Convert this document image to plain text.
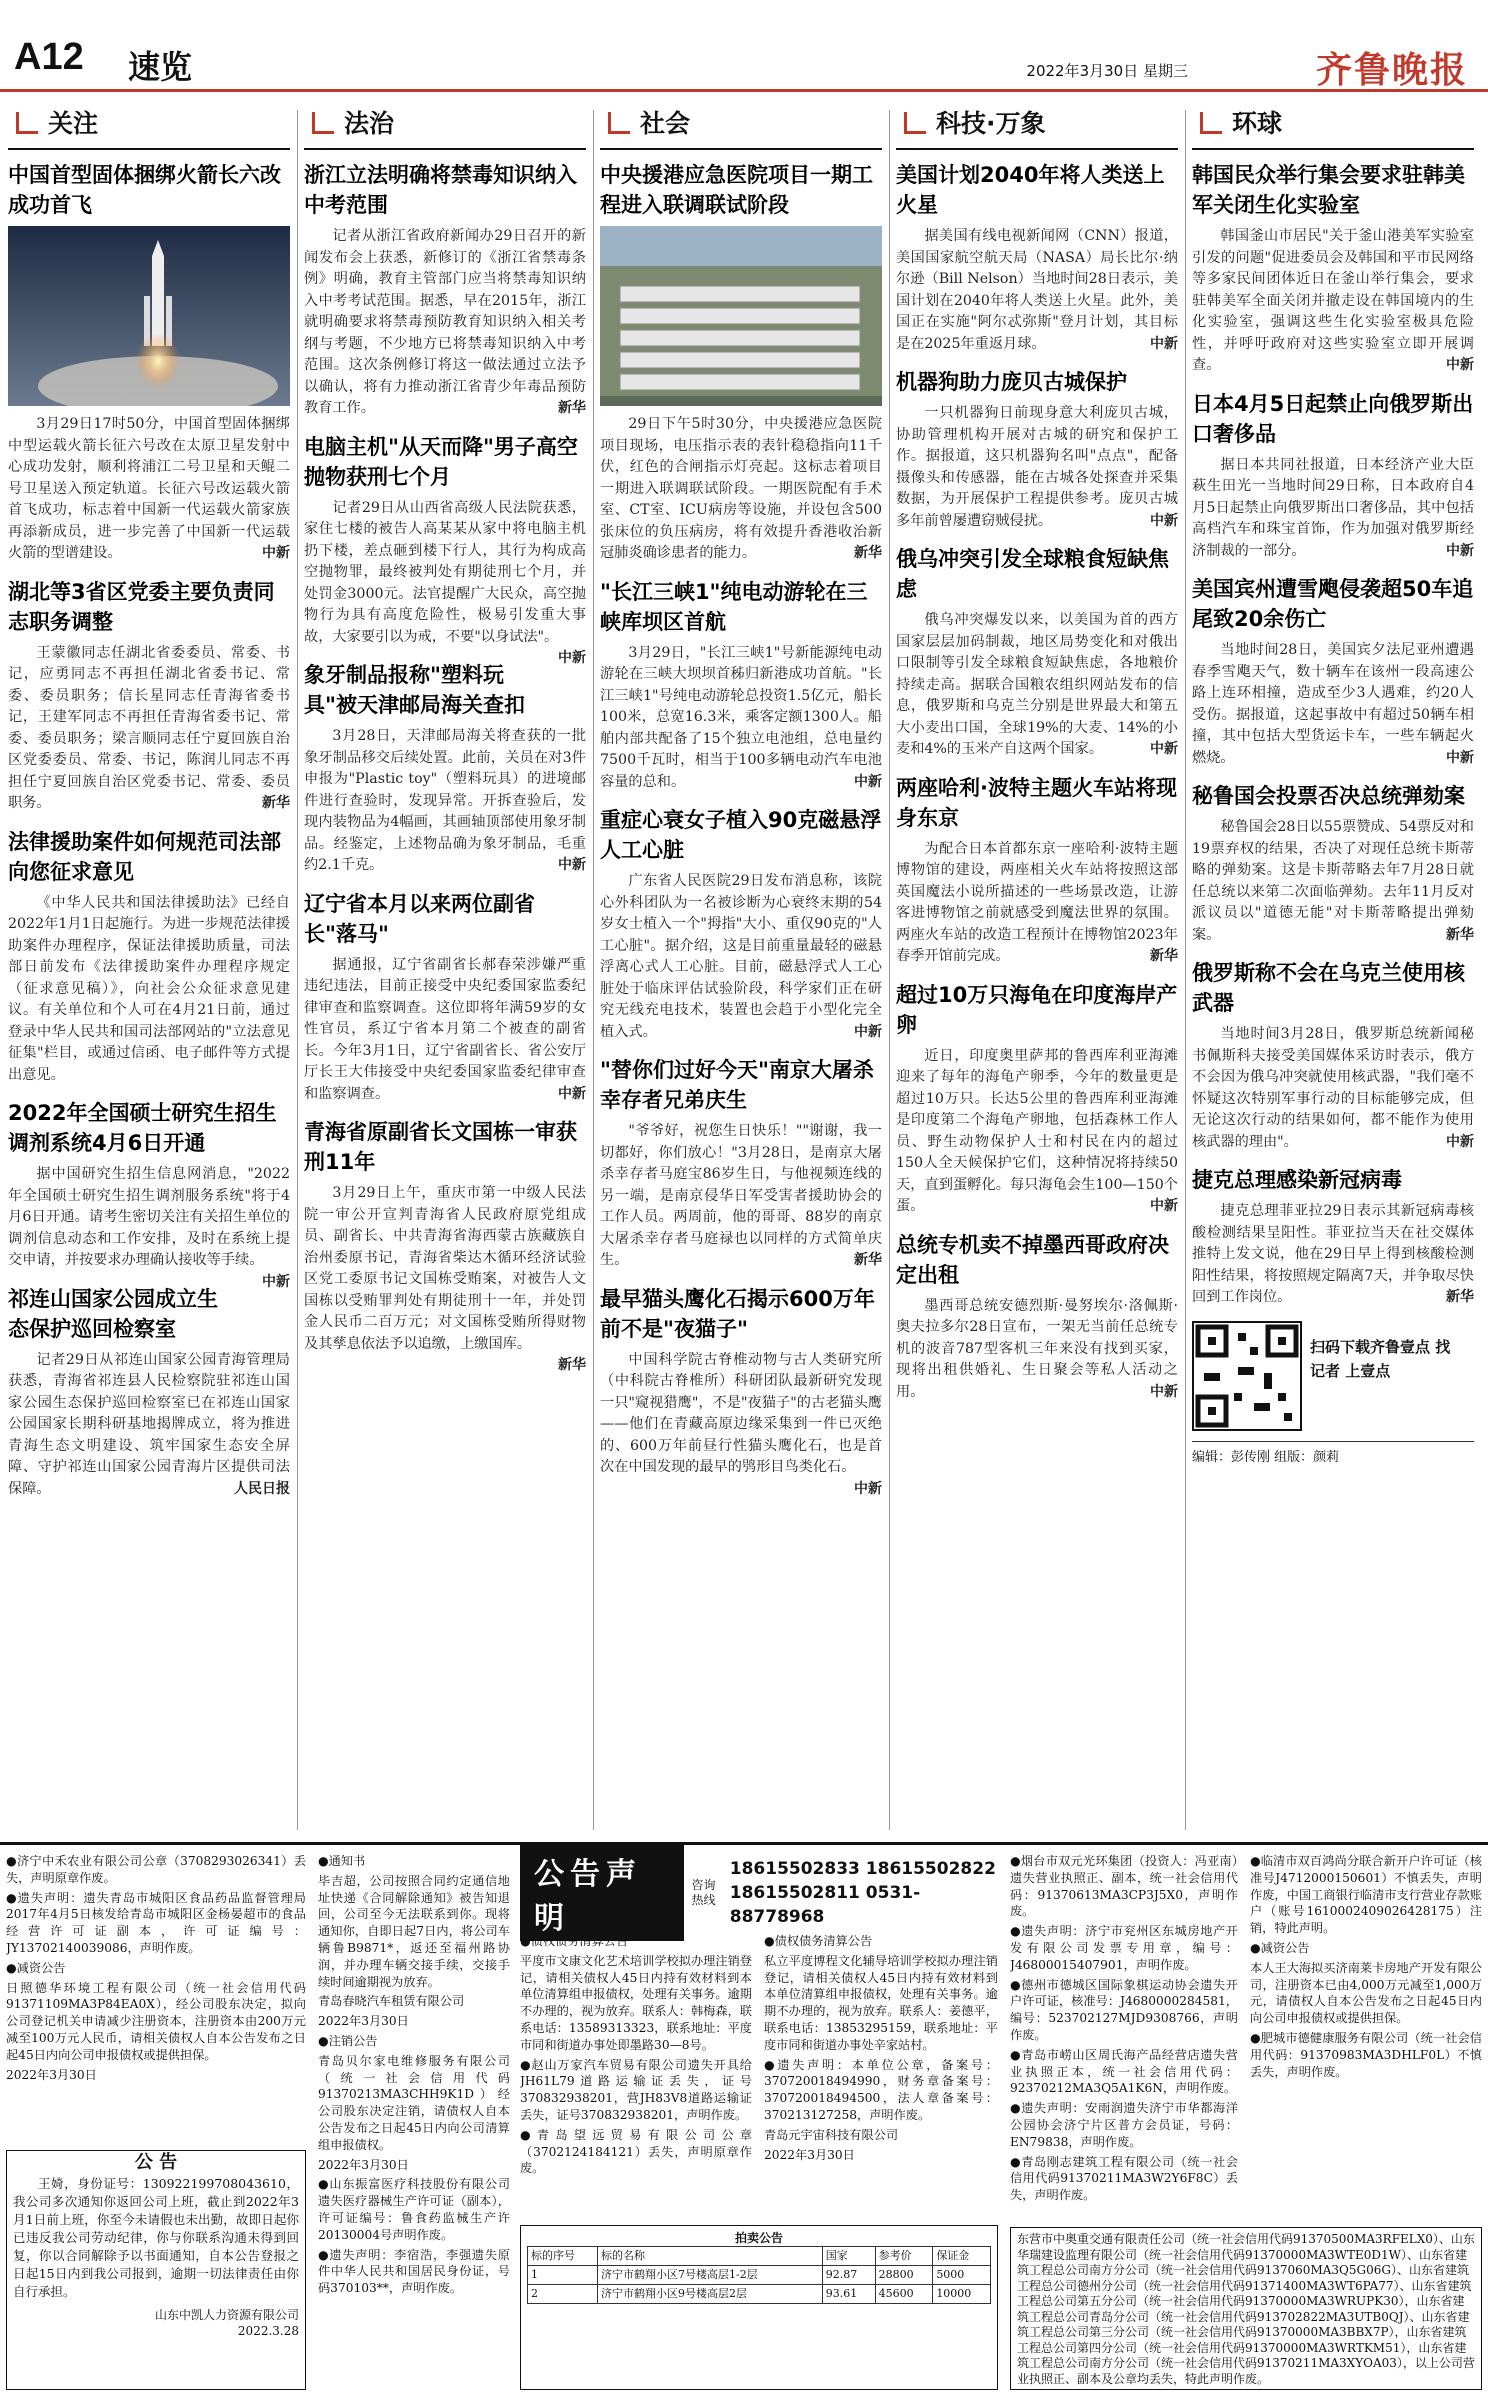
A12 速览	2022年3月30日 星期三	齐鲁晚报
关注
中国首型固体捆绑火箭长六改成功首飞

3月29日17时50分，中国首型固体捆绑中型运载火箭长征六号改在太原卫星发射中心成功发射，顺利将浦江二号卫星和天鲲二号卫星送入预定轨道。长征六号改运载火箭首飞成功，标志着中国新一代运载火箭家族再添新成员，进一步完善了中国新一代运载火箭的型谱建设。	中新

湖北等3省区党委主要负责同志职务调整

王蒙徽同志任湖北省委委员、常委、书记，应勇同志不再担任湖北省委书记、常委、委员职务；信长星同志任青海省委书记，王建军同志不再担任青海省委书记、常委、委员职务；梁言顺同志任宁夏回族自治区党委委员、常委、书记，陈润儿同志不再担任宁夏回族自治区党委书记、常委、委员职务。	新华

法律援助案件如何规范司法部向您征求意见

《中华人民共和国法律援助法》已经自2022年1月1日起施行。为进一步规范法律援助案件办理程序，保证法律援助质量，司法部日前发布《法律援助案件办理程序规定（征求意见稿）》，向社会公众征求意见建议。有关单位和个人可在4月21日前，通过登录中华人民共和国司法部网站的"立法意见征集"栏目，或通过信函、电子邮件等方式提出意见。

2022年全国硕士研究生招生调剂系统4月6日开通

据中国研究生招生信息网消息，"2022年全国硕士研究生招生调剂服务系统"将于4月6日开通。请考生密切关注有关招生单位的调剂信息动态和工作安排，及时在系统上提交申请，并按要求办理确认接收等手续。
中新

祁连山国家公园成立生态保护巡回检察室

记者29日从祁连山国家公园青海管理局获悉，青海省祁连县人民检察院驻祁连山国家公园生态保护巡回检察室已在祁连山国家公园国家长期科研基地揭牌成立，将为推进青海生态文明建设、筑牢国家生态安全屏障、守护祁连山国家公园青海片区提供司法保障。	人民日报

法治
浙江立法明确将禁毒知识纳入中考范围

记者从浙江省政府新闻办29日召开的新闻发布会上获悉，新修订的《浙江省禁毒条例》明确，教育主管部门应当将禁毒知识纳入中考考试范围。据悉，早在2015年，浙江就明确要求将禁毒预防教育知识纳入相关考纲与考题，不少地方已将禁毒知识纳入中考范围。这次条例修订将这一做法通过立法予以确认，将有力推动浙江省青少年毒品预防教育工作。	新华

电脑主机"从天而降"男子高空抛物获刑七个月

记者29日从山西省高级人民法院获悉，家住七楼的被告人高某某从家中将电脑主机扔下楼，差点砸到楼下行人，其行为构成高空抛物罪，最终被判处有期徒刑七个月，并处罚金3000元。法官提醒广大民众，高空抛物行为具有高度危险性，极易引发重大事故，大家要引以为戒，不要"以身试法"。
中新

象牙制品报称"塑料玩具"被天津邮局海关查扣

3月28日，天津邮局海关将查获的一批象牙制品移交后续处置。此前，关员在对3件申报为"Plastic toy"（塑料玩具）的进境邮件进行查验时，发现异常。开拆查验后，发现内装物品为4幅画，其画轴顶部使用象牙制品。经鉴定，上述物品确为象牙制品，毛重约2.1千克。	中新

辽宁省本月以来两位副省长"落马"

据通报，辽宁省副省长郝春荣涉嫌严重违纪违法，目前正接受中央纪委国家监委纪律审查和监察调查。这位即将年满59岁的女性官员，系辽宁省本月第二个被查的副省长。今年3月1日，辽宁省副省长、省公安厅厅长王大伟接受中央纪委国家监委纪律审查和监察调查。	中新

青海省原副省长文国栋一审获刑11年

3月29日上午，重庆市第一中级人民法院一审公开宣判青海省人民政府原党组成员、副省长、中共青海省海西蒙古族藏族自治州委原书记，青海省柴达木循环经济试验区党工委原书记文国栋受贿案，对被告人文国栋以受贿罪判处有期徒刑十一年，并处罚金人民币二百万元；对文国栋受贿所得财物及其孳息依法予以追缴，上缴国库。
新华

社会
中央援港应急医院项目一期工程进入联调联试阶段

29日下午5时30分，中央援港应急医院项目现场，电压指示表的表针稳稳指向11千伏，红色的合闸指示灯亮起。这标志着项目一期进入联调联试阶段。一期医院配有手术室、CT室、ICU病房等设施，并设包含500张床位的负压病房，将有效提升香港收治新冠肺炎确诊患者的能力。	新华

"长江三峡1"纯电动游轮在三峡库坝区首航

3月29日，"长江三峡1"号新能源纯电动游轮在三峡大坝坝首秭归新港成功首航。"长江三峡1"号纯电动游轮总投资1.5亿元，船长100米，总宽16.3米，乘客定额1300人。船舶内部共配备了15个独立电池组，总电量约7500千瓦时，相当于100多辆电动汽车电池容量的总和。	中新

重症心衰女子植入90克磁悬浮人工心脏

广东省人民医院29日发布消息称，该院心外科团队为一名被诊断为心衰终末期的54岁女士植入一个"拇指"大小、重仅90克的"人工心脏"。据介绍，这是目前重量最轻的磁悬浮离心式人工心脏。目前，磁悬浮式人工心脏处于临床评估试验阶段，科学家们正在研究无线充电技术，装置也会趋于小型化完全植入式。	中新

"替你们过好今天"南京大屠杀幸存者兄弟庆生

"爷爷好，祝您生日快乐！""谢谢，我一切都好，你们放心！"3月28日，是南京大屠杀幸存者马庭宝86岁生日，与他视频连线的另一端，是南京侵华日军受害者援助协会的工作人员。两周前，他的哥哥、88岁的南京大屠杀幸存者马庭禄也以同样的方式简单庆生。	新华

最早猫头鹰化石揭示600万年前不是"夜猫子"

中国科学院古脊椎动物与古人类研究所（中科院古脊椎所）科研团队最新研究发现一只"窥视猎鹰"，不是"夜猫子"的古老猫头鹰——他们在青藏高原边缘采集到一件已灭绝的、600万年前昼行性猫头鹰化石，也是首次在中国发现的最早的鸮形目鸟类化石。
中新

科技·万象
美国计划2040年将人类送上火星

据美国有线电视新闻网（CNN）报道，美国国家航空航天局（NASA）局长比尔·纳尔逊（Bill Nelson）当地时间28日表示，美国计划在2040年将人类送上火星。此外，美国正在实施"阿尔忒弥斯"登月计划，其目标是在2025年重返月球。	中新

机器狗助力庞贝古城保护

一只机器狗日前现身意大利庞贝古城，协助管理机构开展对古城的研究和保护工作。据报道，这只机器狗名叫"点点"，配备摄像头和传感器，能在古城各处探查并采集数据，为开展保护工程提供参考。庞贝古城多年前曾屡遭窃贼侵扰。	中新

俄乌冲突引发全球粮食短缺焦虑

俄乌冲突爆发以来，以美国为首的西方国家层层加码制裁，地区局势变化和对俄出口限制等引发全球粮食短缺焦虑，各地粮价持续走高。据联合国粮农组织网站发布的信息，俄罗斯和乌克兰分别是世界最大和第五大小麦出口国，全球19%的大麦、14%的小麦和4%的玉米产自这两个国家。	中新

两座哈利·波特主题火车站将现身东京

为配合日本首都东京一座哈利·波特主题博物馆的建设，两座相关火车站将按照这部英国魔法小说所描述的一些场景改造，让游客进博物馆之前就感受到魔法世界的氛围。两座火车站的改造工程预计在博物馆2023年春季开馆前完成。	新华

超过10万只海龟在印度海岸产卵

近日，印度奥里萨邦的鲁西库利亚海滩迎来了每年的海龟产卵季，今年的数量更是超过10万只。长达5公里的鲁西库利亚海滩是印度第二个海龟产卵地，包括森林工作人员、野生动物保护人士和村民在内的超过150人全天候保护它们，这种情况将持续50天，直到蛋孵化。每只海龟会生100—150个蛋。	中新

总统专机卖不掉墨西哥政府决定出租

墨西哥总统安德烈斯·曼努埃尔·洛佩斯·奥夫拉多尔28日宣布，一架无当前任总统专机的波音787型客机三年来没有找到买家，现将出租供婚礼、生日聚会等私人活动之用。	中新

环球
韩国民众举行集会要求驻韩美军关闭生化实验室

韩国釜山市居民"关于釜山港美军实验室引发的问题"促进委员会及韩国和平市民网络等多家民间团体近日在釜山举行集会，要求驻韩美军全面关闭并撤走设在韩国境内的生化实验室，强调这些生化实验室极具危险性，并呼吁政府对这些实验室立即开展调查。	中新

日本4月5日起禁止向俄罗斯出口奢侈品

据日本共同社报道，日本经济产业大臣萩生田光一当地时间29日称，日本政府自4月5日起禁止向俄罗斯出口奢侈品，其中包括高档汽车和珠宝首饰，作为加强对俄罗斯经济制裁的一部分。	中新

美国宾州遭雪飑侵袭超50车追尾致20余伤亡

当地时间28日，美国宾夕法尼亚州遭遇春季雪飑天气，数十辆车在该州一段高速公路上连环相撞，造成至少3人遇难，约20人受伤。据报道，这起事故中有超过50辆车相撞，其中包括大型货运卡车，一些车辆起火燃烧。	中新

秘鲁国会投票否决总统弹劾案

秘鲁国会28日以55票赞成、54票反对和19票弃权的结果，否决了对现任总统卡斯蒂略的弹劾案。这是卡斯蒂略去年7月28日就任总统以来第二次面临弹劾。去年11月反对派议员以"道德无能"对卡斯蒂略提出弹劾案。	新华

俄罗斯称不会在乌克兰使用核武器

当地时间3月28日，俄罗斯总统新闻秘书佩斯科夫接受美国媒体采访时表示，俄方不会因为俄乌冲突就使用核武器，"我们毫不怀疑这次特别军事行动的目标能够完成，但无论这次行动的结果如何，都不能作为使用核武器的理由"。	中新

捷克总理感染新冠病毒

捷克总理菲亚拉29日表示其新冠病毒核酸检测结果呈阳性。菲亚拉当天在社交媒体推特上发文说，他在29日早上得到核酸检测阳性结果，将按照规定隔离7天，并争取尽快回到工作岗位。	新华

扫码下载齐鲁壹点 找记者 上壹点
编辑：彭传刚 组版：颜莉

●济宁中禾农业有限公司公章（3708293026341）丢失，声明原章作废。

●遗失声明：遗失青岛市城阳区食品药品监督管理局2017年4月5日核发给青岛市城阳区金杨晏超市的食品经营许可证副本，许可证编号：JY13702140039086，声明作废。

●减资公告

日照德华环境工程有限公司（统一社会信用代码91371109MA3P84EA0X），经公司股东决定，拟向公司登记机关申请减少注册资本，注册资本由200万元减至100万元人民币，请相关债权人自本公告发布之日起45日内向公司申报债权或提供担保。

2022年3月30日

公 告
王婍，身份证号：130922199708043610，我公司多次通知你返回公司上班，截止到2022年3月1日前上班，你至今未请假也未出勤，故即日起你已违反我公司劳动纪律，你与你联系沟通未得到回复，你以合同解除予以书面通知，自本公告登报之日起15日内到我公司报到，逾期一切法律责任由你自行承担。
山东中凯人力资源有限公司
2022.3.28

●通知书

毕吉超，公司按照合同约定通信地址快递《合同解除通知》被告知退回，公司至今无法联系到你。现将通知你，自即日起7日内，将公司车辆鲁B9871*，返还至福州路协润，并办理车辆交接手续，交接手续时间逾期视为放弃。

青岛春晓汽车租赁有限公司

2022年3月30日

●注销公告

青岛贝尔家电维修服务有限公司（统一社会信用代码91370213MA3CHH9K1D）经公司股东决定注销，请债权人自本公告发布之日起45日内向公司清算组申报债权。

2022年3月30日

●山东振富医疗科技股份有限公司遗失医疗器械生产许可证（副本），许可证编号：鲁食药监械生产许20130004号声明作废。

●遗失声明：李宿浩，李强遗失原件中华人民共和国居民身份证，号码370103**，声明作废。

公告声明
咨询热线
18615502833 18615502822
18615502811 0531-88778968

●债权债务清算公告

平度市文康文化艺术培训学校拟办理注销登记，请相关债权人45日内持有效材料到本单位清算组申报债权，处理有关事务。逾期不办理的，视为放弃。联系人：韩梅森，联系电话：13589313323，联系地址：平度市同和街道办事处即墨路30—8号。

●赵山万家汽车贸易有限公司遗失开具给JH61L79道路运输证丢失，证号370832938201，营JH83V8道路运输证丢失，证号370832938201，声明作废。

●青岛望远贸易有限公司公章（3702124184121）丢失，声明原章作废。

●债权债务清算公告

私立平度博程文化辅导培训学校拟办理注销登记，请相关债权人45日内持有效材料到本单位清算组申报债权，处理有关事务。逾期不办理的，视为放弃。联系人：姜德平，联系电话：13853295159，联系地址：平度市同和街道办事处辛家站村。

●遗失声明：本单位公章，备案号：370720018494990，财务章备案号：370720018494500，法人章备案号：370213127258，声明作废。

青岛元宇宙科技有限公司

2022年3月30日

拍卖公告
标的序号	标的名称	国家	参考价	保证金
1	济宁市鹤翔小区7号楼高层1-2层	92.87	28800	5000
2	济宁市鹤翔小区9号楼高层2层	93.61	45600	10000

●烟台市双元光环集团（投资人：冯亚南）遗失营业执照正、副本，统一社会信用代码：91370613MA3CP3J5X0，声明作废。

●遗失声明：济宁市兖州区东城房地产开发有限公司发票专用章，编号：J46800015407901，声明作废。

●德州市德城区国际象棋运动协会遗失开户许可证，核准号：J4680000284581，编号：523702127MJD9308766，声明作废。

●青岛市崂山区周氏海产品经营店遗失营业执照正本，统一社会信用代码：92370212MA3Q5A1K6N，声明作废。

●遗失声明：安雨润遗失济宁市华都海洋公园协会济宁片区普方会员证，号码：EN79838，声明作废。

●青岛刚志建筑工程有限公司（统一社会信用代码91370211MA3W2Y6F8C）丢失，声明作废。

●临清市双百鸿尚分联合新开户许可证（核准号J4712000150601）不慎丢失，声明作废，中国工商银行临清市支行营业存款账户（账号1610002409026428175）注销，特此声明。

●减资公告

本人王大海拟买济南莱卡房地产开发有限公司，注册资本已由4,000万元减至1,000万元，请债权人自本公告发布之日起45日内向公司申报债权或提供担保。

●肥城市德健康服务有限公司（统一社会信用代码：91370983MA3DHLF0L）不慎丢失，声明作废。

东营市中奥重交通有限责任公司（统一社会信用代码91370500MA3RFELX0）、山东华瑞建设监理有限公司（统一社会信用代码91370000MA3WTE0D1W）、山东省建筑工程总公司南方分公司（统一社会信用代码9137060MA3Q5G06G）、山东省建筑工程总公司德州分公司（统一社会信用代码91371400MA3WT6PA77）、山东省建筑工程总公司第五分公司（统一社会信用代码91370000MA3WRUPK30），山东省建筑工程总公司青岛分公司（统一社会信用代码913702822MA3UTB0QJ）、山东省建筑工程总公司第三分公司（统一社会信用代码91370000MA3BBX7P），山东省建筑工程总公司第四分公司（统一社会信用代码91370000MA3WRTKM51），山东省建筑工程总公司南方分公司（统一社会信用代码91370211MA3XYOA03），以上公司营业执照正、副本及公章均丢失，特此声明作废。
